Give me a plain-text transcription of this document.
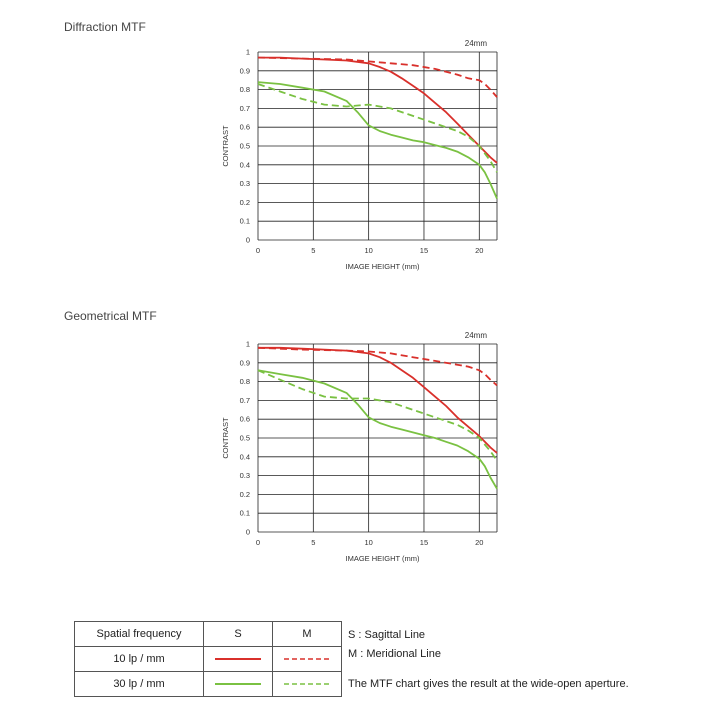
Diffraction MTF
0
0.1
0.2
0.3
0.4
0.5
0.6
0.7
0.8
0.9
1
0	5	10	15	20
IMAGE HEIGHT (mm)
CONTRAST
24mm
Geometrical MTF
0
0.1
0.2
0.3
0.4
0.5
0.6
0.7
0.8
0.9
1
0	5	10	15	20
IMAGE HEIGHT (mm)
CONTRAST
24mm
Spatial frequency	S	M
10 lp / mm	

30 lp / mm	

S : Sagittal Line
M : Meridional Line
The MTF chart gives the result at the wide-open aperture.
